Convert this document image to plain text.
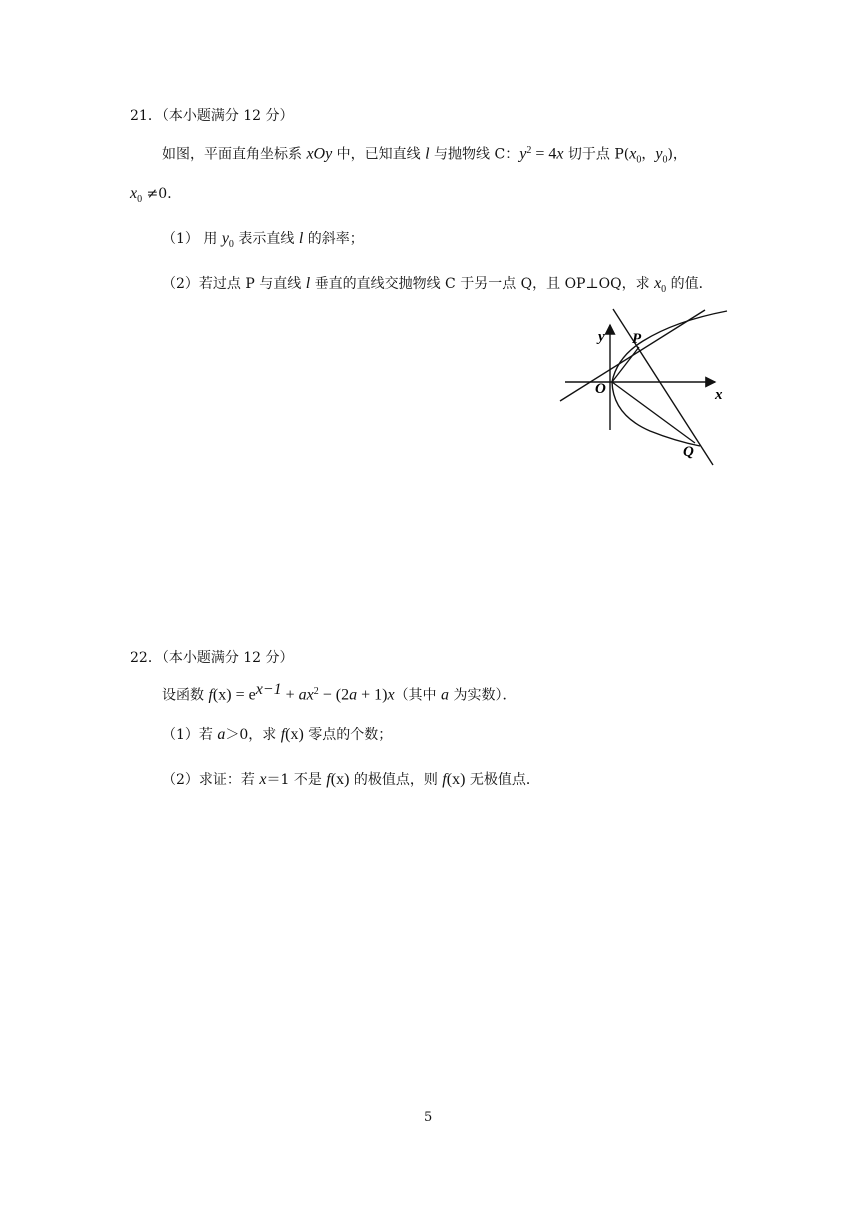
21．（本小题满分 12 分）
如图，平面直角坐标系 xOy 中，已知直线 l 与抛物线 C：$y^2 = 4x$ 切于点 $P(x_0$，$y_0$)，
$x_0 \ne 0$．
（1） 用 $y_0$ 表示直线 l 的斜率；
（2）若过点 P 与直线 l 垂直的直线交抛物线 C 于另一点 Q，且 OP⊥OQ，求 $x_0$ 的值．
y
x
O
P
Q
22．（本小题满分 12 分）
设函数 $f(x) = e^{x-1} + ax^2 - (2a + 1)x$（其中 a 为实数）．
（1）若 a＞0，求 f(x) 零点的个数；
（2）求证：若 x＝1 不是 f(x) 的极值点，则 f(x) 无极值点．
5
